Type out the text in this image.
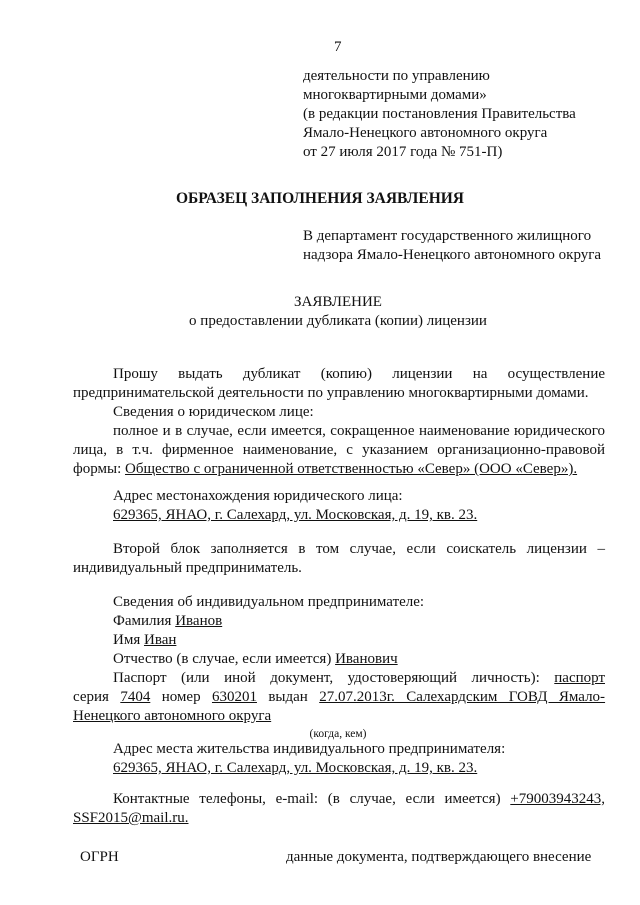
7
деятельности по управлению
многоквартирными домами»
(в редакции постановления Правительства
Ямало-Ненецкого автономного округа
от 27 июля 2017 года № 751-П)
ОБРАЗЕЦ ЗАПОЛНЕНИЯ ЗАЯВЛЕНИЯ
В департамент государственного жилищного
надзора Ямало-Ненецкого автономного округа
ЗАЯВЛЕНИЕ
о предоставлении дубликата (копии) лицензии
Прошу выдать дубликат (копию) лицензии на осуществление
предпринимательской деятельности по управлению многоквартирными домами.
Сведения о юридическом лице:
полное и в случае, если имеется, сокращенное наименование юридического
лица, в т.ч. фирменное наименование, с указанием организационно-правовой
формы: Общество с ограниченной ответственностью «Север» (ООО «Север»).
Адрес местонахождения юридического лица:
629365, ЯНАО, г. Салехард, ул. Московская, д. 19, кв. 23.
Второй блок заполняется в том случае, если соискатель лицензии –
индивидуальный предприниматель.
Сведения об индивидуальном предпринимателе:
Фамилия Иванов
Имя Иван
Отчество (в случае, если имеется) Иванович
Паспорт (или иной документ, удостоверяющий личность): паспорт
серия 7404 номер 630201 выдан 27.07.2013г. Салехардским ГОВД Ямало-
Ненецкого автономного округа
(когда, кем)
Адрес места жительства индивидуального предпринимателя:
629365, ЯНАО, г. Салехард, ул. Московская, д. 19, кв. 23.
Контактные телефоны, e-mail: (в случае, если имеется) +79003943243,
SSF2015@mail.ru.
ОГРН	данные документа, подтверждающего внесение
